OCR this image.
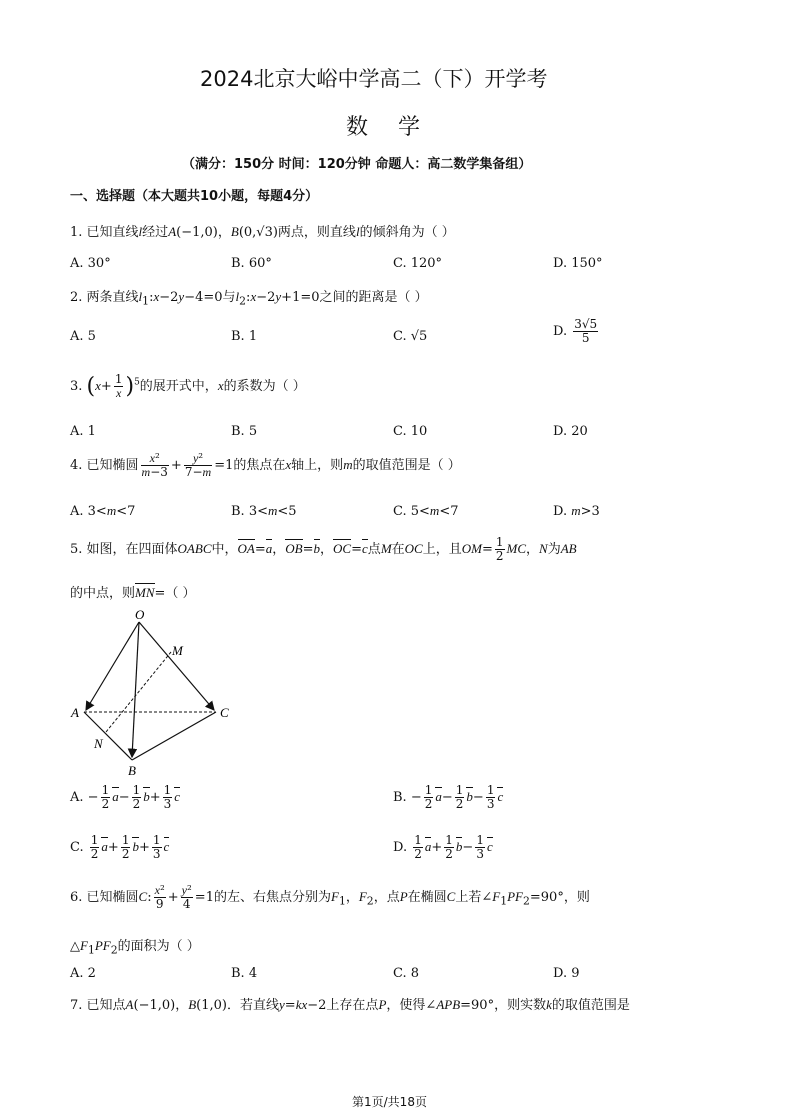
2024北京大峪中学高二（下）开学考
数学
（满分：150分 时间：120分钟 命题人：高二数学集备组）
一、选择题（本大题共10小题，每题4分）
1. 已知直线l经过A(−1,0)，B(0,√3)两点，则直线l的倾斜角为（ ）
A. 30°	B. 60°	C. 120°	D. 150°
2. 两条直线$l_1:x-2y-4=0$与$l_2:x-2y+1=0$之间的距离是（ ）
A. 5	B. 1	C. √5	D. $\frac{3√5}{5}$
3. $(x+ \frac{1}{x} )^5$的展开式中，x的系数为（ ）
A. 1	B. 5	C. 10	D. 20
4. 已知椭圆 $\frac{\text{x²}}{m-3} + \frac{\text{y²}}{7-m} =1$的焦点在x轴上，则m的取值范围是（ ）
A. 3<m<7	B. 3<m<5	C. 5<m<7	D. m>3
5. 如图，在四面体OABC中，OA=a，OB=b，OC=c点M在OC上，且$OM= \frac{1}{2}$ MC，N为AB
的中点，则MN=（ ）
O
M
A	C
N
B
A. − $\frac{1}{2} a- \frac{1}{2} b+ \frac{1}{3}$ c	B. − $\frac{1}{2} a- \frac{1}{2} b- \frac{1}{3}$ c
C. $\frac{1}{2} a+ \frac{1}{2} b+ \frac{1}{3}$ c	D. $\frac{1}{2} a+ \frac{1}{2} b- \frac{1}{3}$ c
6. 已知椭圆C: $\frac{\text{x²}}{9} + \frac{\text{y²}}{4} =1$的左、右焦点分别为$F_1$，$F_2$，点P在椭圆C上若$\angle F_1PF_2=90^\circ$，则
$\triangle F_1PF_2$的面积为（ ）
A. 2	B. 4	C. 8	D. 9
7. 已知点A(−1,0)，B(1,0)．若直线y=kx−2上存在点P，使得∠APB=90°，则实数k的取值范围是
第1页/共18页
